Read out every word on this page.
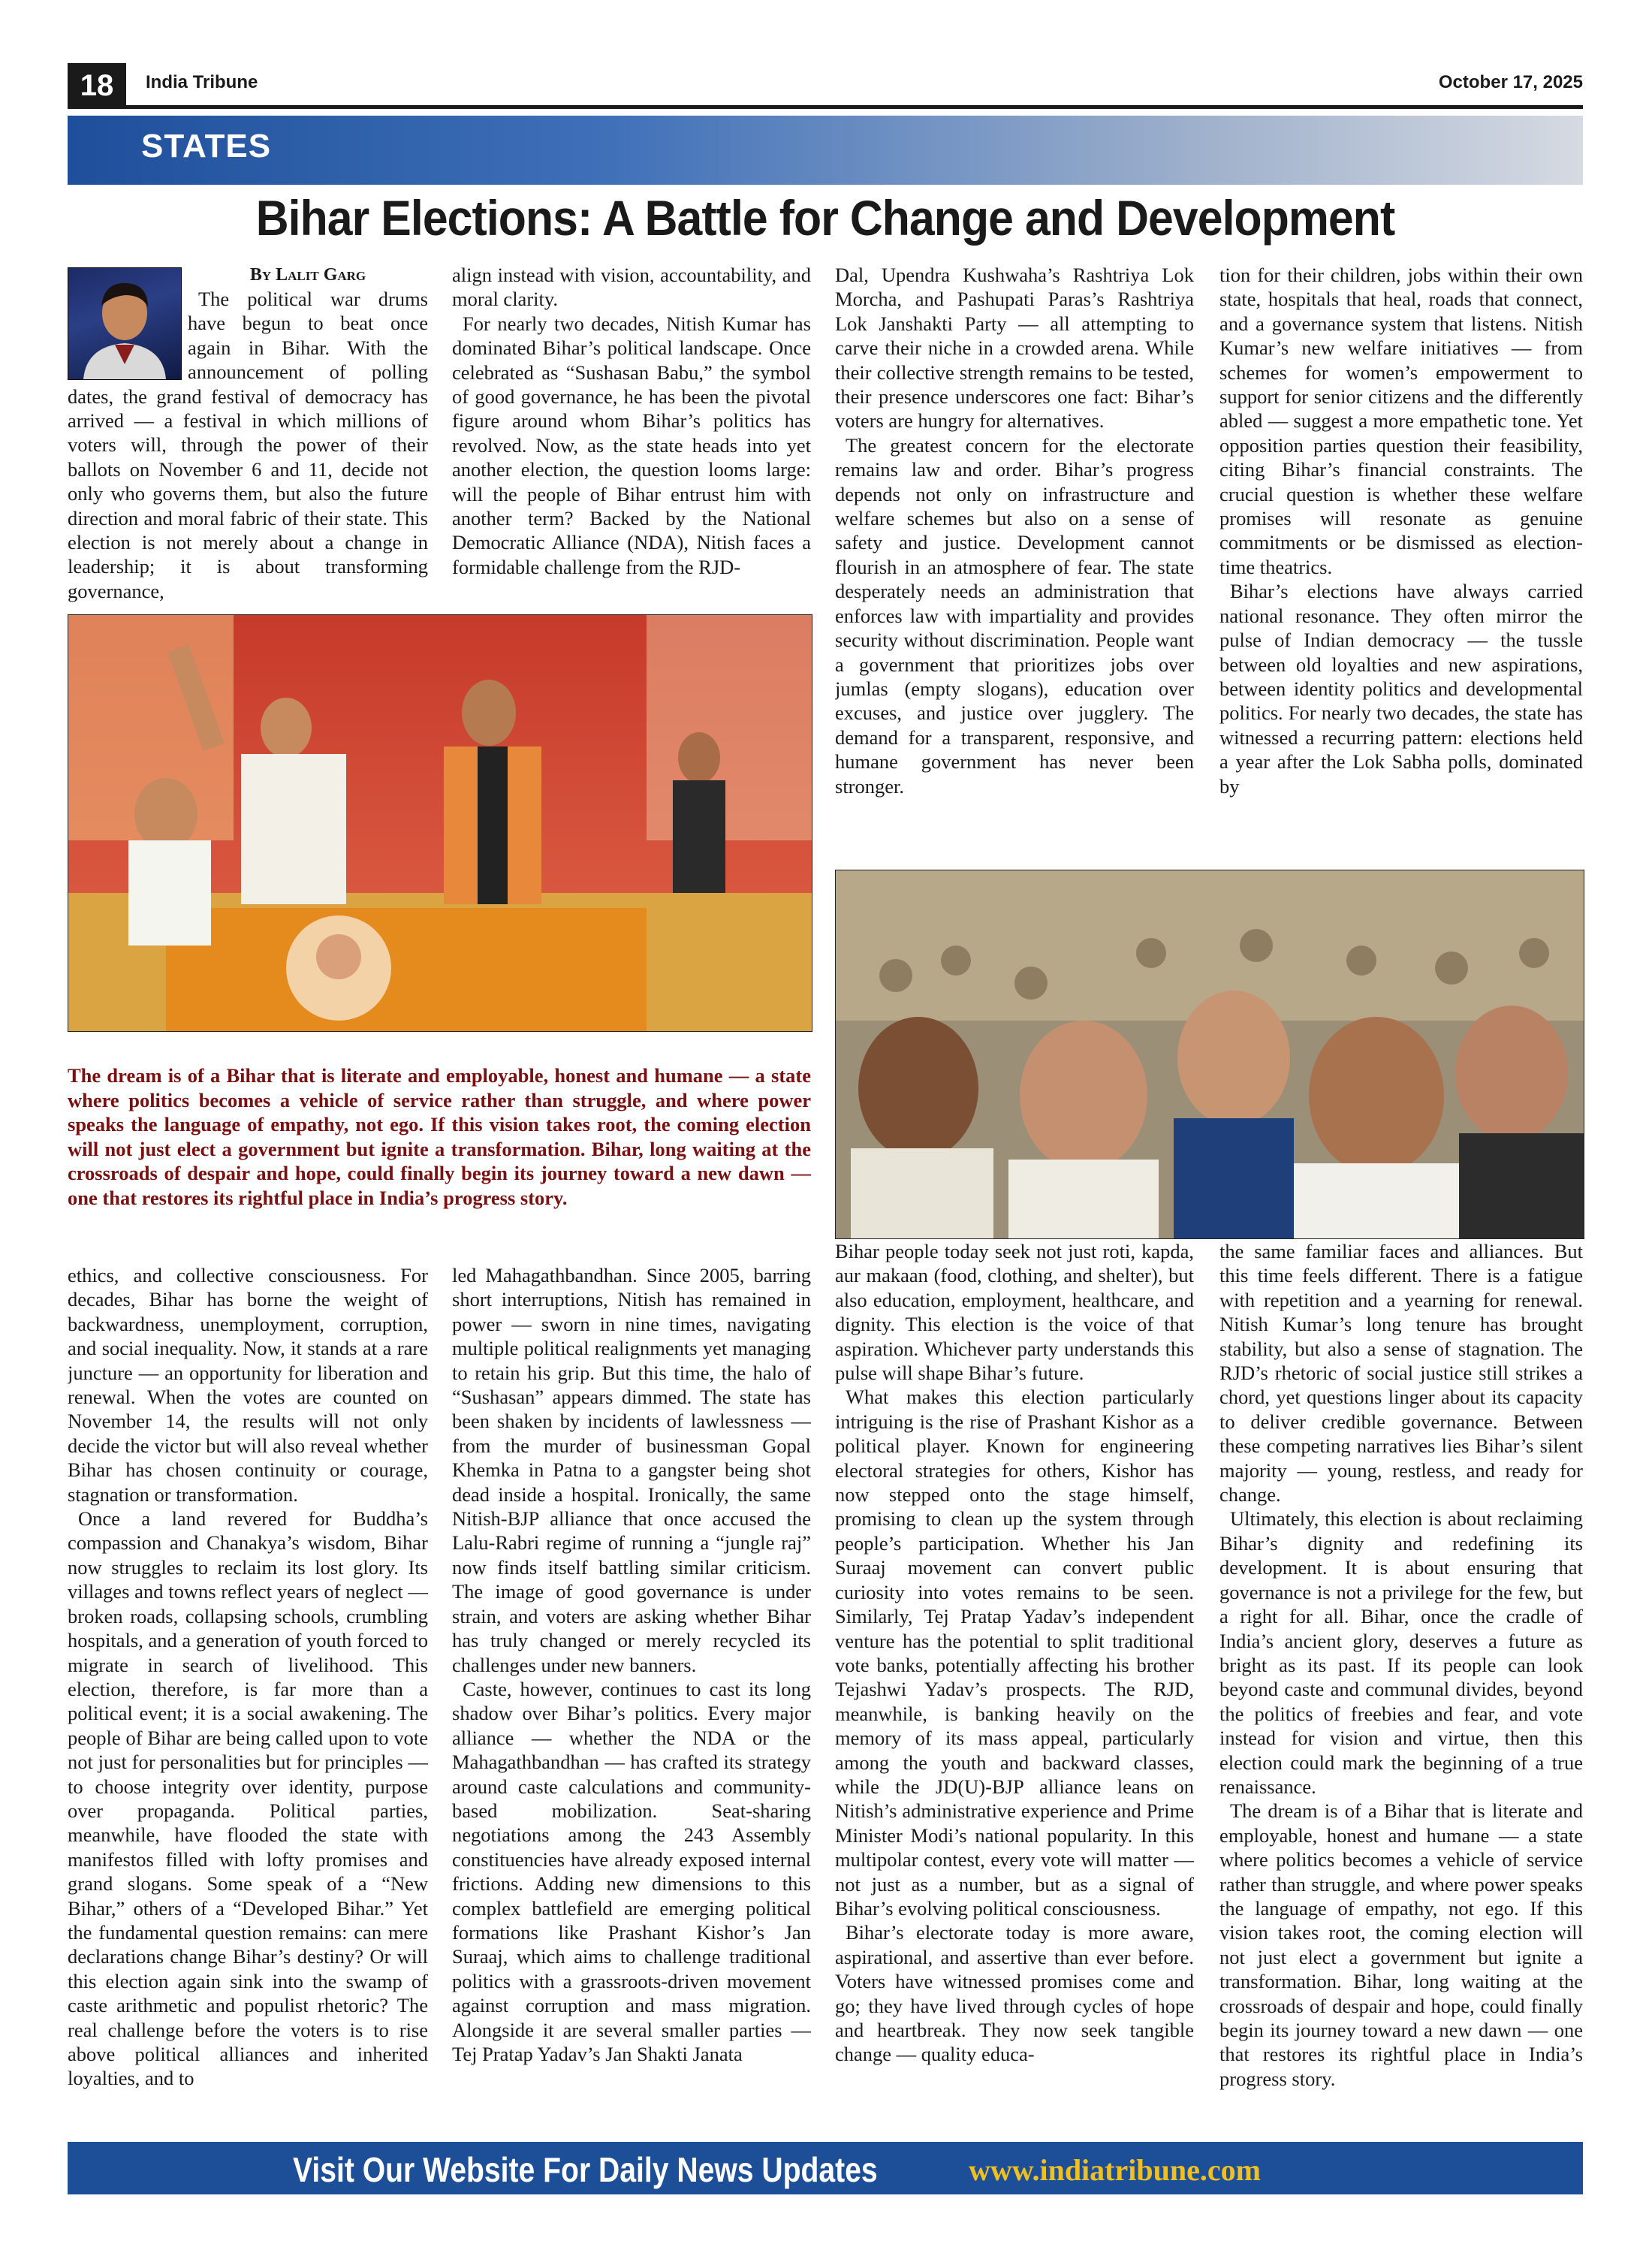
18	India Tribune	October 17, 2025
STATES
Bihar Elections: A Battle for Change and Development
By Lalit Garg

The political war drums have begun to beat once again in Bihar. With the announcement of polling dates, the grand festival of democracy has arrived — a festival in which millions of voters will, through the power of their ballots on November 6 and 11, decide not only who governs them, but also the future direction and moral fabric of their state. This election is not merely about a change in leadership; it is about transforming governance,

align instead with vision, accountability, and moral clarity.

For nearly two decades, Nitish Kumar has dominated Bihar’s political landscape. Once celebrated as “Sushasan Babu,” the symbol of good governance, he has been the pivotal figure around whom Bihar’s politics has revolved. Now, as the state heads into yet another election, the question looms large: will the people of Bihar entrust him with another term? Backed by the National Democratic Alliance (NDA), Nitish faces a formidable challenge from the RJD-

Dal, Upendra Kushwaha’s Rashtriya Lok Morcha, and Pashupati Paras’s Rashtriya Lok Janshakti Party — all attempting to carve their niche in a crowded arena. While their collective strength remains to be tested, their presence underscores one fact: Bihar’s voters are hungry for alternatives.

The greatest concern for the electorate remains law and order. Bihar’s progress depends not only on infrastructure and welfare schemes but also on a sense of safety and justice. Development cannot flourish in an atmosphere of fear. The state desperately needs an administration that enforces law with impartiality and provides security without discrimination. People want a government that prioritizes jobs over jumlas (empty slogans), education over excuses, and justice over jugglery. The demand for a transparent, responsive, and humane government has never been stronger.

tion for their children, jobs within their own state, hospitals that heal, roads that connect, and a governance system that listens. Nitish Kumar’s new welfare initiatives — from schemes for women’s empowerment to support for senior citizens and the differently abled — suggest a more empathetic tone. Yet opposition parties question their feasibility, citing Bihar’s financial constraints. The crucial question is whether these welfare promises will resonate as genuine commitments or be dismissed as election-time theatrics.

Bihar’s elections have always carried national resonance. They often mirror the pulse of Indian democracy — the tussle between old loyalties and new aspirations, between identity politics and developmental politics. For nearly two decades, the state has witnessed a recurring pattern: elections held a year after the Lok Sabha polls, dominated by

The dream is of a Bihar that is literate and employable, honest and humane — a state where politics becomes a vehicle of service rather than struggle, and where power speaks the language of empathy, not ego. If this vision takes root, the coming election will not just elect a government but ignite a transformation. Bihar, long waiting at the crossroads of despair and hope, could finally begin its journey toward a new dawn — one that restores its rightful place in India’s progress story.

ethics, and collective consciousness. For decades, Bihar has borne the weight of backwardness, unemployment, corruption, and social inequality. Now, it stands at a rare juncture — an opportunity for liberation and renewal. When the votes are counted on November 14, the results will not only decide the victor but will also reveal whether Bihar has chosen continuity or courage, stagnation or transformation.

Once a land revered for Buddha’s compassion and Chanakya’s wisdom, Bihar now struggles to reclaim its lost glory. Its villages and towns reflect years of neglect — broken roads, collapsing schools, crumbling hospitals, and a generation of youth forced to migrate in search of livelihood. This election, therefore, is far more than a political event; it is a social awakening. The people of Bihar are being called upon to vote not just for personalities but for principles — to choose integrity over identity, purpose over propaganda. Political parties, meanwhile, have flooded the state with manifestos filled with lofty promises and grand slogans. Some speak of a “New Bihar,” others of a “Developed Bihar.” Yet the fundamental question remains: can mere declarations change Bihar’s destiny? Or will this election again sink into the swamp of caste arithmetic and populist rhetoric? The real challenge before the voters is to rise above political alliances and inherited loyalties, and to

led Mahagathbandhan. Since 2005, barring short interruptions, Nitish has remained in power — sworn in nine times, navigating multiple political realignments yet managing to retain his grip. But this time, the halo of “Sushasan” appears dimmed. The state has been shaken by incidents of lawlessness — from the murder of businessman Gopal Khemka in Patna to a gangster being shot dead inside a hospital. Ironically, the same Nitish-BJP alliance that once accused the Lalu-Rabri regime of running a “jungle raj” now finds itself battling similar criticism. The image of good governance is under strain, and voters are asking whether Bihar has truly changed or merely recycled its challenges under new banners.

Caste, however, continues to cast its long shadow over Bihar’s politics. Every major alliance — whether the NDA or the Mahagathbandhan — has crafted its strategy around caste calculations and community-based mobilization. Seat-sharing negotiations among the 243 Assembly constituencies have already exposed internal frictions. Adding new dimensions to this complex battlefield are emerging political formations like Prashant Kishor’s Jan Suraaj, which aims to challenge traditional politics with a grassroots-driven movement against corruption and mass migration. Alongside it are several smaller parties — Tej Pratap Yadav’s Jan Shakti Janata

Bihar people today seek not just roti, kapda, aur makaan (food, clothing, and shelter), but also education, employment, healthcare, and dignity. This election is the voice of that aspiration. Whichever party understands this pulse will shape Bihar’s future.

What makes this election particularly intriguing is the rise of Prashant Kishor as a political player. Known for engineering electoral strategies for others, Kishor has now stepped onto the stage himself, promising to clean up the system through people’s participation. Whether his Jan Suraaj movement can convert public curiosity into votes remains to be seen. Similarly, Tej Pratap Yadav’s independent venture has the potential to split traditional vote banks, potentially affecting his brother Tejashwi Yadav’s prospects. The RJD, meanwhile, is banking heavily on the memory of its mass appeal, particularly among the youth and backward classes, while the JD(U)-BJP alliance leans on Nitish’s administrative experience and Prime Minister Modi’s national popularity. In this multipolar contest, every vote will matter — not just as a number, but as a signal of Bihar’s evolving political consciousness.

Bihar’s electorate today is more aware, aspirational, and assertive than ever before. Voters have witnessed promises come and go; they have lived through cycles of hope and heartbreak. They now seek tangible change — quality educa-

the same familiar faces and alliances. But this time feels different. There is a fatigue with repetition and a yearning for renewal. Nitish Kumar’s long tenure has brought stability, but also a sense of stagnation. The RJD’s rhetoric of social justice still strikes a chord, yet questions linger about its capacity to deliver credible governance. Between these competing narratives lies Bihar’s silent majority — young, restless, and ready for change.

Ultimately, this election is about reclaiming Bihar’s dignity and redefining its development. It is about ensuring that governance is not a privilege for the few, but a right for all. Bihar, once the cradle of India’s ancient glory, deserves a future as bright as its past. If its people can look beyond caste and communal divides, beyond the politics of freebies and fear, and vote instead for vision and virtue, then this election could mark the beginning of a true renaissance.

The dream is of a Bihar that is literate and employable, honest and humane — a state where politics becomes a vehicle of service rather than struggle, and where power speaks the language of empathy, not ego. If this vision takes root, the coming election will not just elect a government but ignite a transformation. Bihar, long waiting at the crossroads of despair and hope, could finally begin its journey toward a new dawn — one that restores its rightful place in India’s progress story.

Visit Our Website For Daily News Updates	www.indiatribune.com
